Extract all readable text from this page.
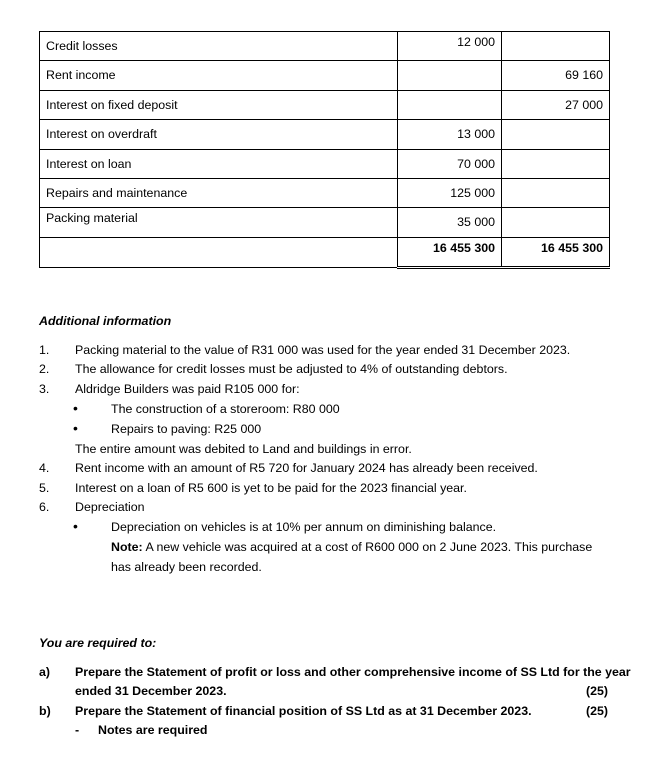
Credit losses	12 000	
Rent income		69 160
Interest on fixed deposit		27 000
Interest on overdraft	13 000	
Interest on loan	70 000	
Repairs and maintenance	125 000	
Packing material	35 000	
	16 455 300	16 455 300
Additional information
1. Packing material to the value of R31 000 was used for the year ended 31 December 2023.
2. The allowance for credit losses must be adjusted to 4% of outstanding debtors.
3. Aldridge Builders was paid R105 000 for:
•	The construction of a storeroom: R80 000
•	Repairs to paving: R25 000
The entire amount was debited to Land and buildings in error.
4. Rent income with an amount of R5 720 for January 2024 has already been received.
5. Interest on a loan of R5 600 is yet to be paid for the 2023 financial year.
6. Depreciation
•	Depreciation on vehicles is at 10% per annum on diminishing balance.
Note: A new vehicle was acquired at a cost of R600 000 on 2 June 2023. This purchase
has already been recorded.
You are required to:
a) Prepare the Statement of profit or loss and other comprehensive income of SS Ltd for the year
ended 31 December 2023.	(25)
b) Prepare the Statement of financial position of SS Ltd as at 31 December 2023.	(25)
- Notes are required
